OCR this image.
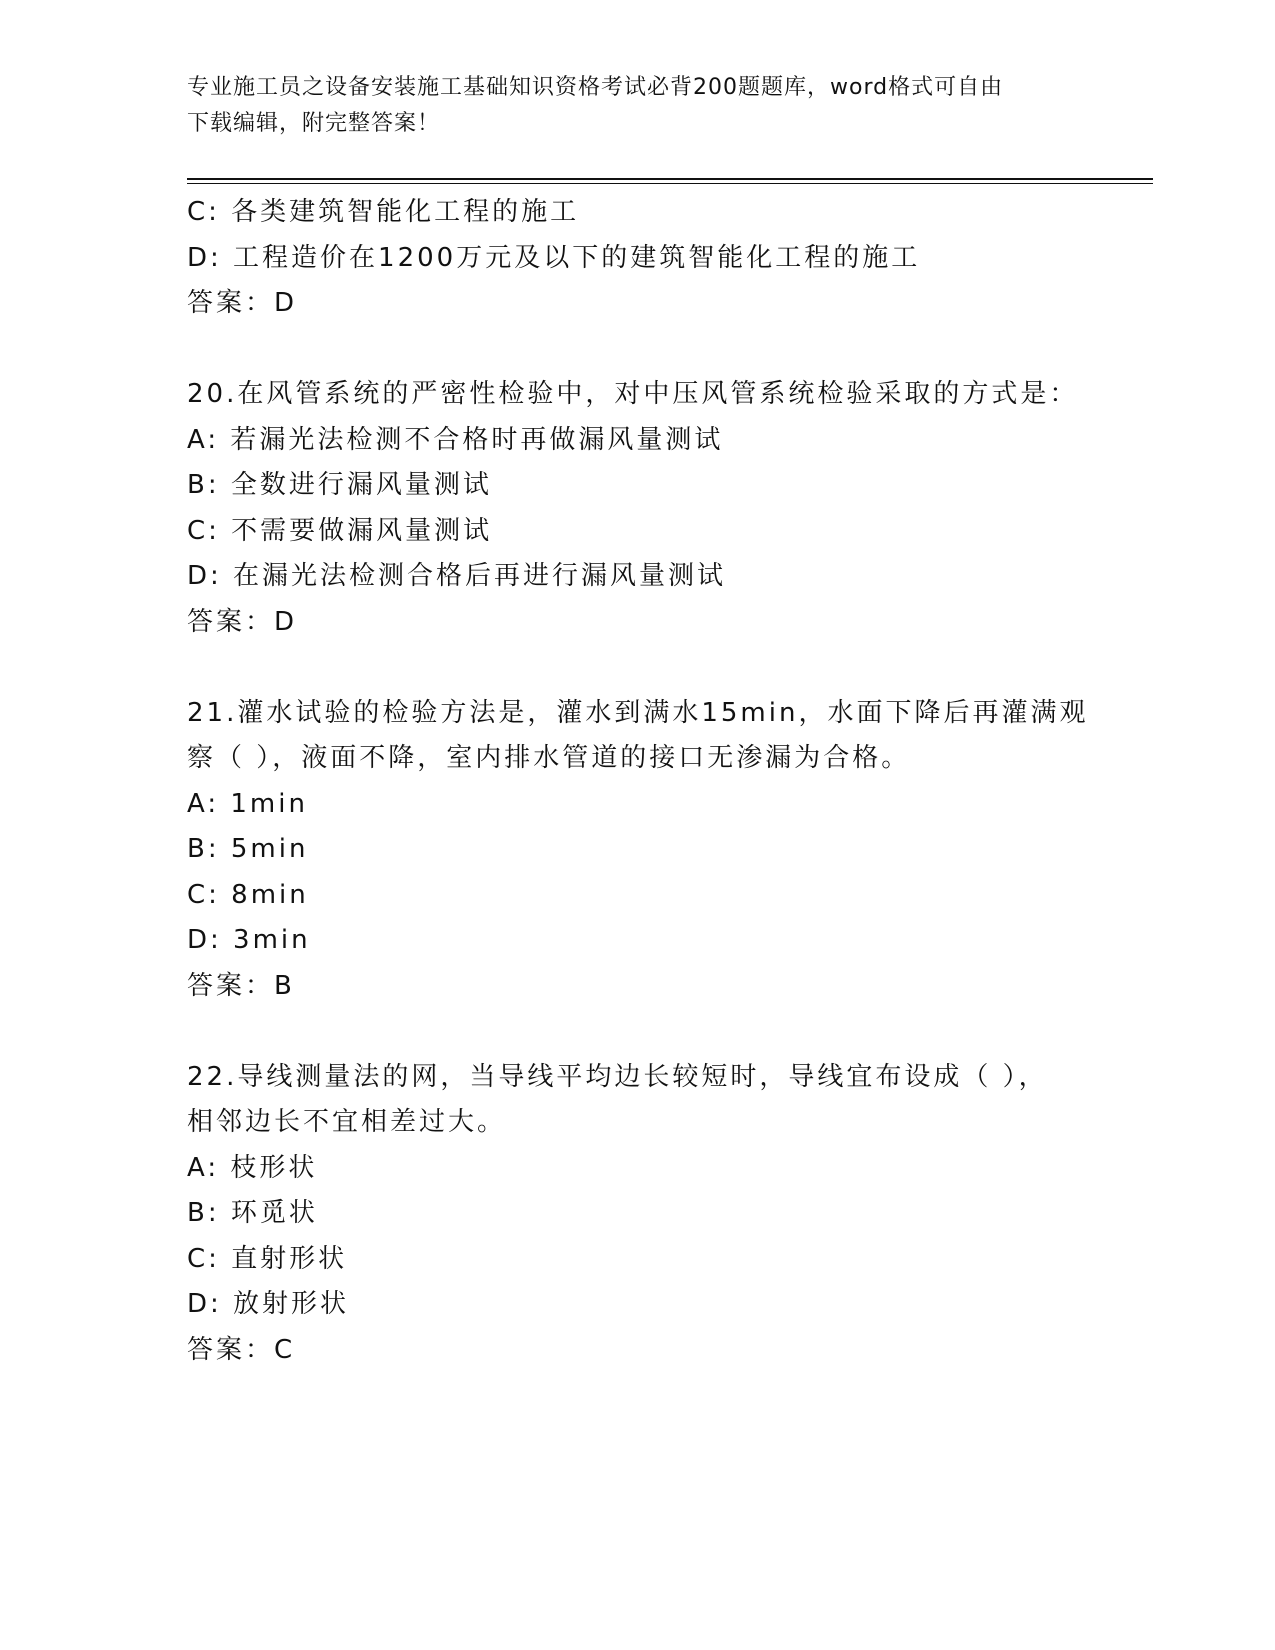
专业施工员之设备安装施工基础知识资格考试必背200题题库，word格式可自由
下载编辑，附完整答案！
C: 各类建筑智能化工程的施工
D: 工程造价在1200万元及以下的建筑智能化工程的施工
答案：D
20.在风管系统的严密性检验中，对中压风管系统检验采取的方式是：
A: 若漏光法检测不合格时再做漏风量测试
B: 全数进行漏风量测试
C: 不需要做漏风量测试
D: 在漏光法检测合格后再进行漏风量测试
答案：D
21.灌水试验的检验方法是，灌水到满水15min，水面下降后再灌满观
察（ ），液面不降，室内排水管道的接口无渗漏为合格。
A: 1min
B: 5min
C: 8min
D: 3min
答案：B
22.导线测量法的网，当导线平均边长较短时，导线宜布设成（ ），
相邻边长不宜相差过大。
A: 枝形状
B: 环觅状
C: 直射形状
D: 放射形状
答案：C
